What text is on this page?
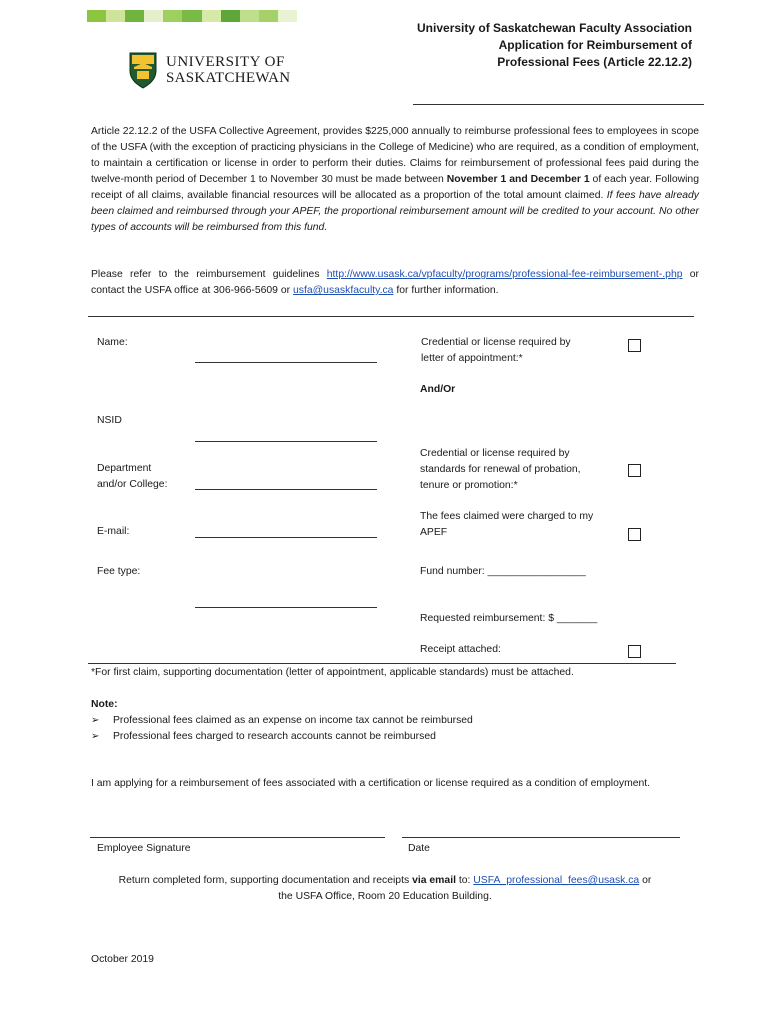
UNIVERSITY OF
SASKATCHEWAN
University of Saskatchewan Faculty Association
Application for Reimbursement of
Professional Fees (Article 22.12.2)
Article 22.12.2 of the USFA Collective Agreement, provides $225,000 annually to reimburse professional fees to employees in scope of the USFA (with the exception of practicing physicians in the College of Medicine) who are required, as a condition of employment, to maintain a certification or license in order to perform their duties. Claims for reimbursement of professional fees paid during the twelve-month period of December 1 to November 30 must be made between November 1 and December 1 of each year. Following receipt of all claims, available financial resources will be allocated as a proportion of the total amount claimed. If fees have already been claimed and reimbursed through your APEF, the proportional reimbursement amount will be credited to your account. No other types of accounts will be reimbursed from this fund.
Please refer to the reimbursement guidelines http://www.usask.ca/vpfaculty/programs/professional-fee-reimbursement-.php or contact the USFA office at 306-966-5609 or usfa@usaskfaculty.ca for further information.
Name:
NSID
Department
and/or College:
E-mail:
Fee type:
Credential or license required by
letter of appointment:*
And/Or
Credential or license required by
standards for renewal of probation,
tenure or promotion:*
The fees claimed were charged to my
APEF
Fund number: _________________
Requested reimbursement: $ _______
Receipt attached:
*For first claim, supporting documentation (letter of appointment, applicable standards) must be attached.
Note:
➢	Professional fees claimed as an expense on income tax cannot be reimbursed
➢	Professional fees charged to research accounts cannot be reimbursed
I am applying for a reimbursement of fees associated with a certification or license required as a condition of employment.
Employee Signature	Date
Return completed form, supporting documentation and receipts via email to: USFA_professional_fees@usask.ca or
the USFA Office, Room 20 Education Building.
October 2019
